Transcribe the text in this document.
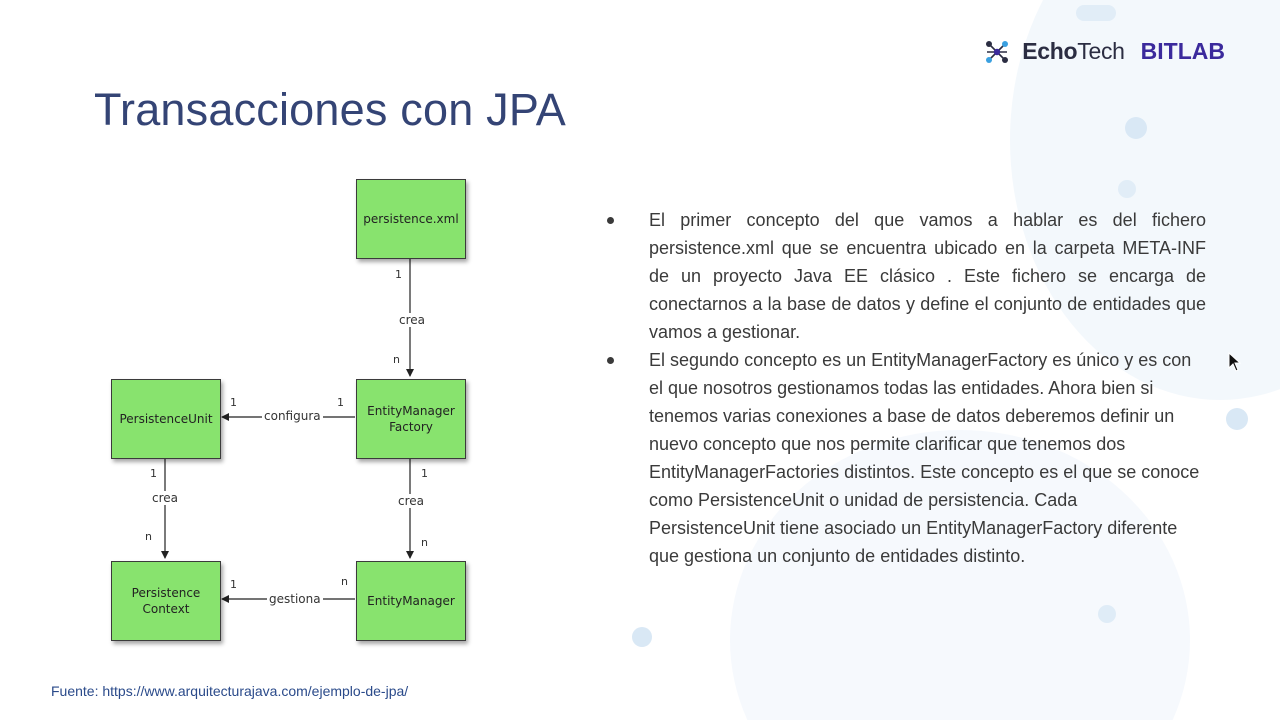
EchoTech BITLAB
Transacciones con JPA
persistence.xml
EntityManager
Factory
PersistenceUnit
Persistence
Context
EntityManager
crea
1
n
configura
1
1
crea
1
n
crea
1
n
gestiona
n
1
El primer concepto del que vamos a hablar es del fichero persistence.xml que se encuentra ubicado en la carpeta META-INF de un proyecto Java EE clásico . Este fichero se encarga de conectarnos a la base de datos y define el conjunto de entidades que vamos a gestionar.
El segundo concepto es un EntityManagerFactory es único y es con el que nosotros gestionamos todas las entidades. Ahora bien si tenemos varias conexiones a base de datos deberemos definir un nuevo concepto que nos permite clarificar que tenemos dos EntityManagerFactories distintos. Este concepto es el que se conoce como PersistenceUnit o unidad de persistencia. Cada PersistenceUnit tiene asociado un EntityManagerFactory diferente que gestiona un conjunto de entidades distinto.
Fuente: https://www.arquitecturajava.com/ejemplo-de-jpa/
